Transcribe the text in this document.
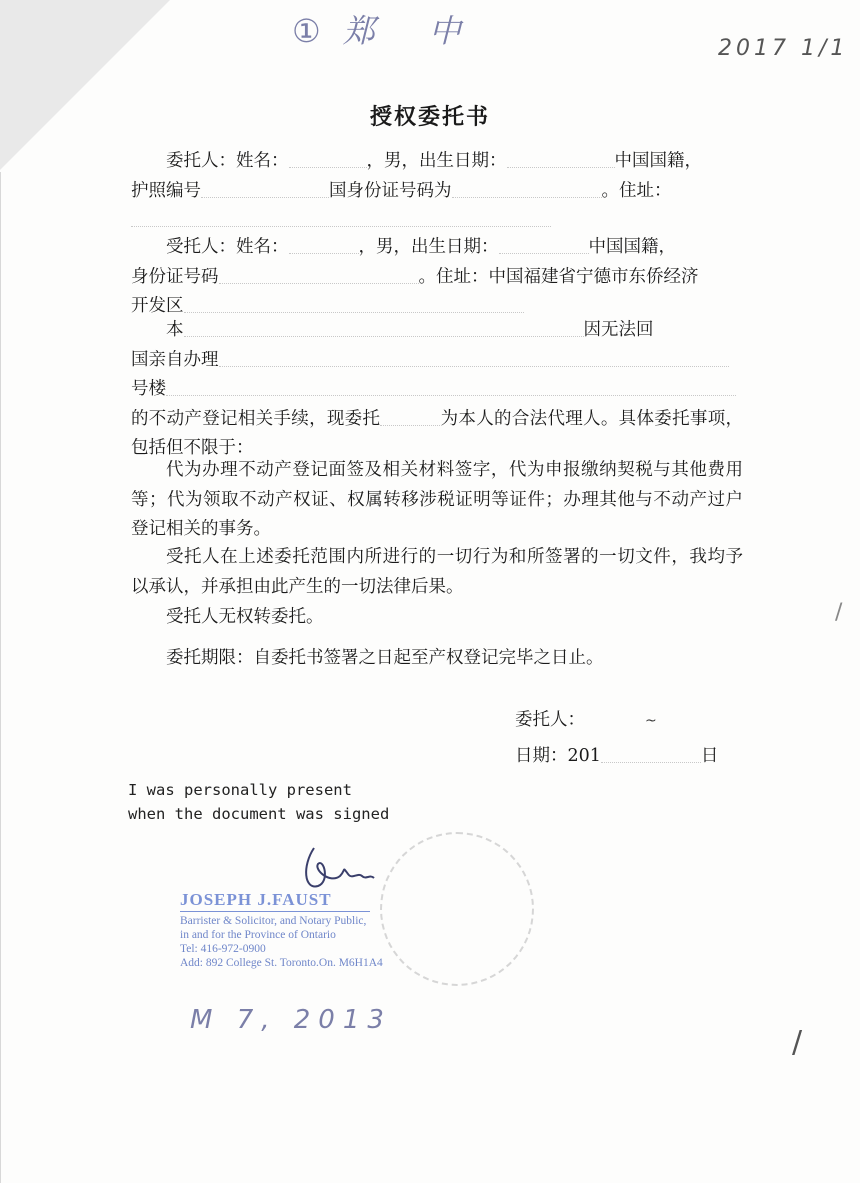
①郑 中	2017 1/1
授权委托书

委托人：姓名：	，男，出生日期：	中国国籍，

护照编号	国身份证号码为	。住址：

受托人：姓名：	，男，出生日期：	中国国籍，

身份证号码	。住址：中国福建省宁德市东侨经济
开发区

本	因无法回

国亲自办理
号楼
的不动产登记相关手续，现委托	为本人的合法代理人。具体委托事项，包括但不限于：

代为办理不动产登记面签及相关材料签字，代为申报缴纳契税与其他费用等；代为领取不动产权证、权属转移涉税证明等证件；办理其他与不动产过户登记相关的事务。

受托人在上述委托范围内所进行的一切行为和所签署的一切文件，我均予以承认，并承担由此产生的一切法律后果。

受托人无权转委托。

委托期限：自委托书签署之日起至产权登记完毕之日止。

委托人：	~
日期：201	日
I was personally present
when the document was signed
JOSEPH J.FAUST
Barrister & Solicitor, and Notary Public,
in and for the Province of Ontario
Tel: 416-972-0900
Add: 892 College St. Toronto.On. M6H1A4
M 7, 2013
/
/
